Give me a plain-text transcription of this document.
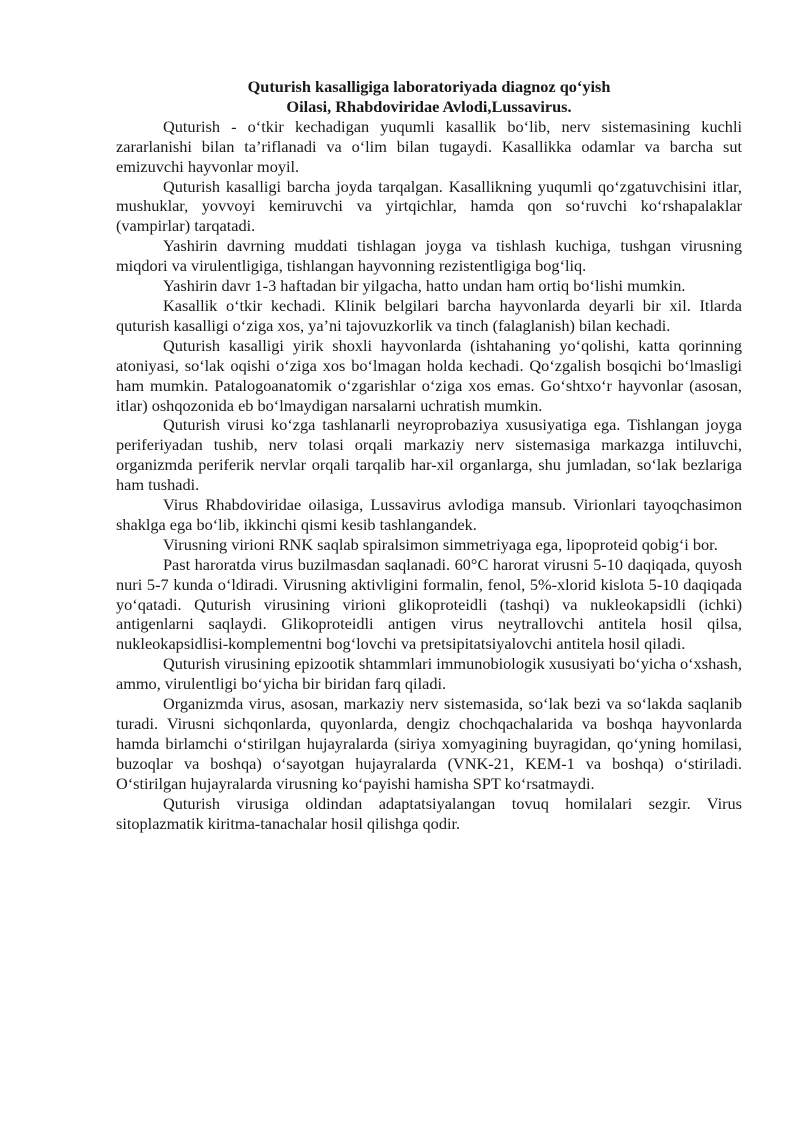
Quturish kasalligiga laboratoriyada diagnoz qo‘yish

Oilasi, Rhabdoviridae Avlodi,Lussavirus.

Quturish - o‘tkir kechadigan yuqumli kasallik bo‘lib, nerv sistemasining kuchli zararlanishi bilan ta’riflanadi va o‘lim bilan tugaydi. Kasallikka odamlar va barcha sut emizuvchi hayvonlar moyil.

Quturish kasalligi barcha joyda tarqalgan. Kasallikning yuqumli qo‘zgatuvchisini itlar, mushuklar, yovvoyi kemiruvchi va yirtqichlar, hamda qon so‘ruvchi ko‘rshapalaklar (vampirlar) tarqatadi.

Yashirin davrning muddati tishlagan joyga va tishlash kuchiga, tushgan virusning miqdori va virulentligiga, tishlangan hayvonning rezistentligiga bog‘liq.

Yashirin davr 1-3 haftadan bir yilgacha, hatto undan ham ortiq bo‘lishi mumkin.

Kasallik o‘tkir kechadi. Klinik belgilari barcha hayvonlarda deyarli bir xil. Itlarda quturish kasalligi o‘ziga xos, ya’ni tajovuzkorlik va tinch (falaglanish) bilan kechadi.

Quturish kasalligi yirik shoxli hayvonlarda (ishtahaning yo‘qolishi, katta qorinning atoniyasi, so‘lak oqishi o‘ziga xos bo‘lmagan holda kechadi. Qo‘zgalish bosqichi bo‘lmasligi ham mumkin. Patalogoanatomik o‘zgarishlar o‘ziga xos emas. Go‘shtxo‘r hayvonlar (asosan, itlar) oshqozonida eb bo‘lmaydigan narsalarni uchratish mumkin.

Quturish virusi ko‘zga tashlanarli neyroprobaziya xususiyatiga ega. Tishlangan joyga periferiyadan tushib, nerv tolasi orqali markaziy nerv sistemasiga markazga intiluvchi, organizmda periferik nervlar orqali tarqalib har-xil organlarga, shu jumladan, so‘lak bezlariga ham tushadi.

Virus Rhabdoviridae oilasiga, Lussavirus avlodiga mansub. Virionlari tayoqchasimon shaklga ega bo‘lib, ikkinchi qismi kesib tashlangandek.

Virusning virioni RNK saqlab spiralsimon simmetriyaga ega, lipoproteid qobig‘i bor.

Past haroratda virus buzilmasdan saqlanadi. 60°C harorat virusni 5-10 daqiqada, quyosh nuri 5-7 kunda o‘ldiradi. Virusning aktivligini formalin, fenol, 5%-xlorid kislota 5-10 daqiqada yo‘qatadi. Quturish virusining virioni glikoproteidli (tashqi) va nukleokapsidli (ichki) antigenlarni saqlaydi. Glikoproteidli antigen virus neytrallovchi antitela hosil qilsa, nukleokapsidlisi-komplementni bog‘lovchi va pretsipitatsiyalovchi antitela hosil qiladi.

Quturish virusining epizootik shtammlari immunobiologik xususiyati bo‘yicha o‘xshash, ammo, virulentligi bo‘yicha bir biridan farq qiladi.

Organizmda virus, asosan, markaziy nerv sistemasida, so‘lak bezi va so‘lakda saqlanib turadi. Virusni sichqonlarda, quyonlarda, dengiz chochqachalarida va boshqa hayvonlarda hamda birlamchi o‘stirilgan hujayralarda (siriya xomyagining buyragidan, qo‘yning homilasi, buzoqlar va boshqa) o‘sayotgan hujayralarda (VNK-21, KEM-1 va boshqa) o‘stiriladi. O‘stirilgan hujayralarda virusning ko‘payishi hamisha SPT ko‘rsatmaydi.

Quturish virusiga oldindan adaptatsiyalangan tovuq homilalari sezgir. Virus sitoplazmatik kiritma-tanachalar hosil qilishga qodir.
